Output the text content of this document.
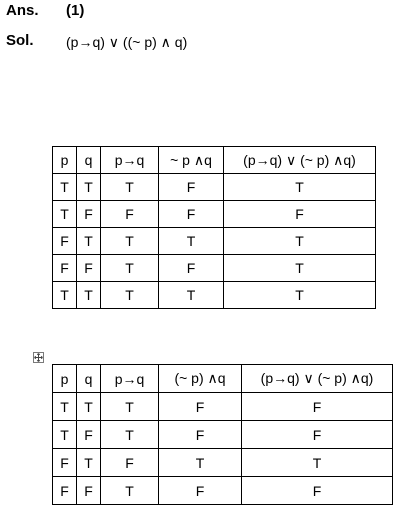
Ans. (1)
Sol. (p→q) ∨ ((~ p) ∧ q)
p	q	p→q	~ p ∧q	(p→q) ∨ (~ p) ∧q)
T	T	T	F	T
T	F	F	F	F
F	T	T	T	T
F	F	T	F	T
T	T	T	T	T
p	q	p→q	(~ p) ∧q	(p→q) ∨ (~ p) ∧q)
T	T	T	F	F
T	F	T	F	F
F	T	F	T	T
F	F	T	F	F
